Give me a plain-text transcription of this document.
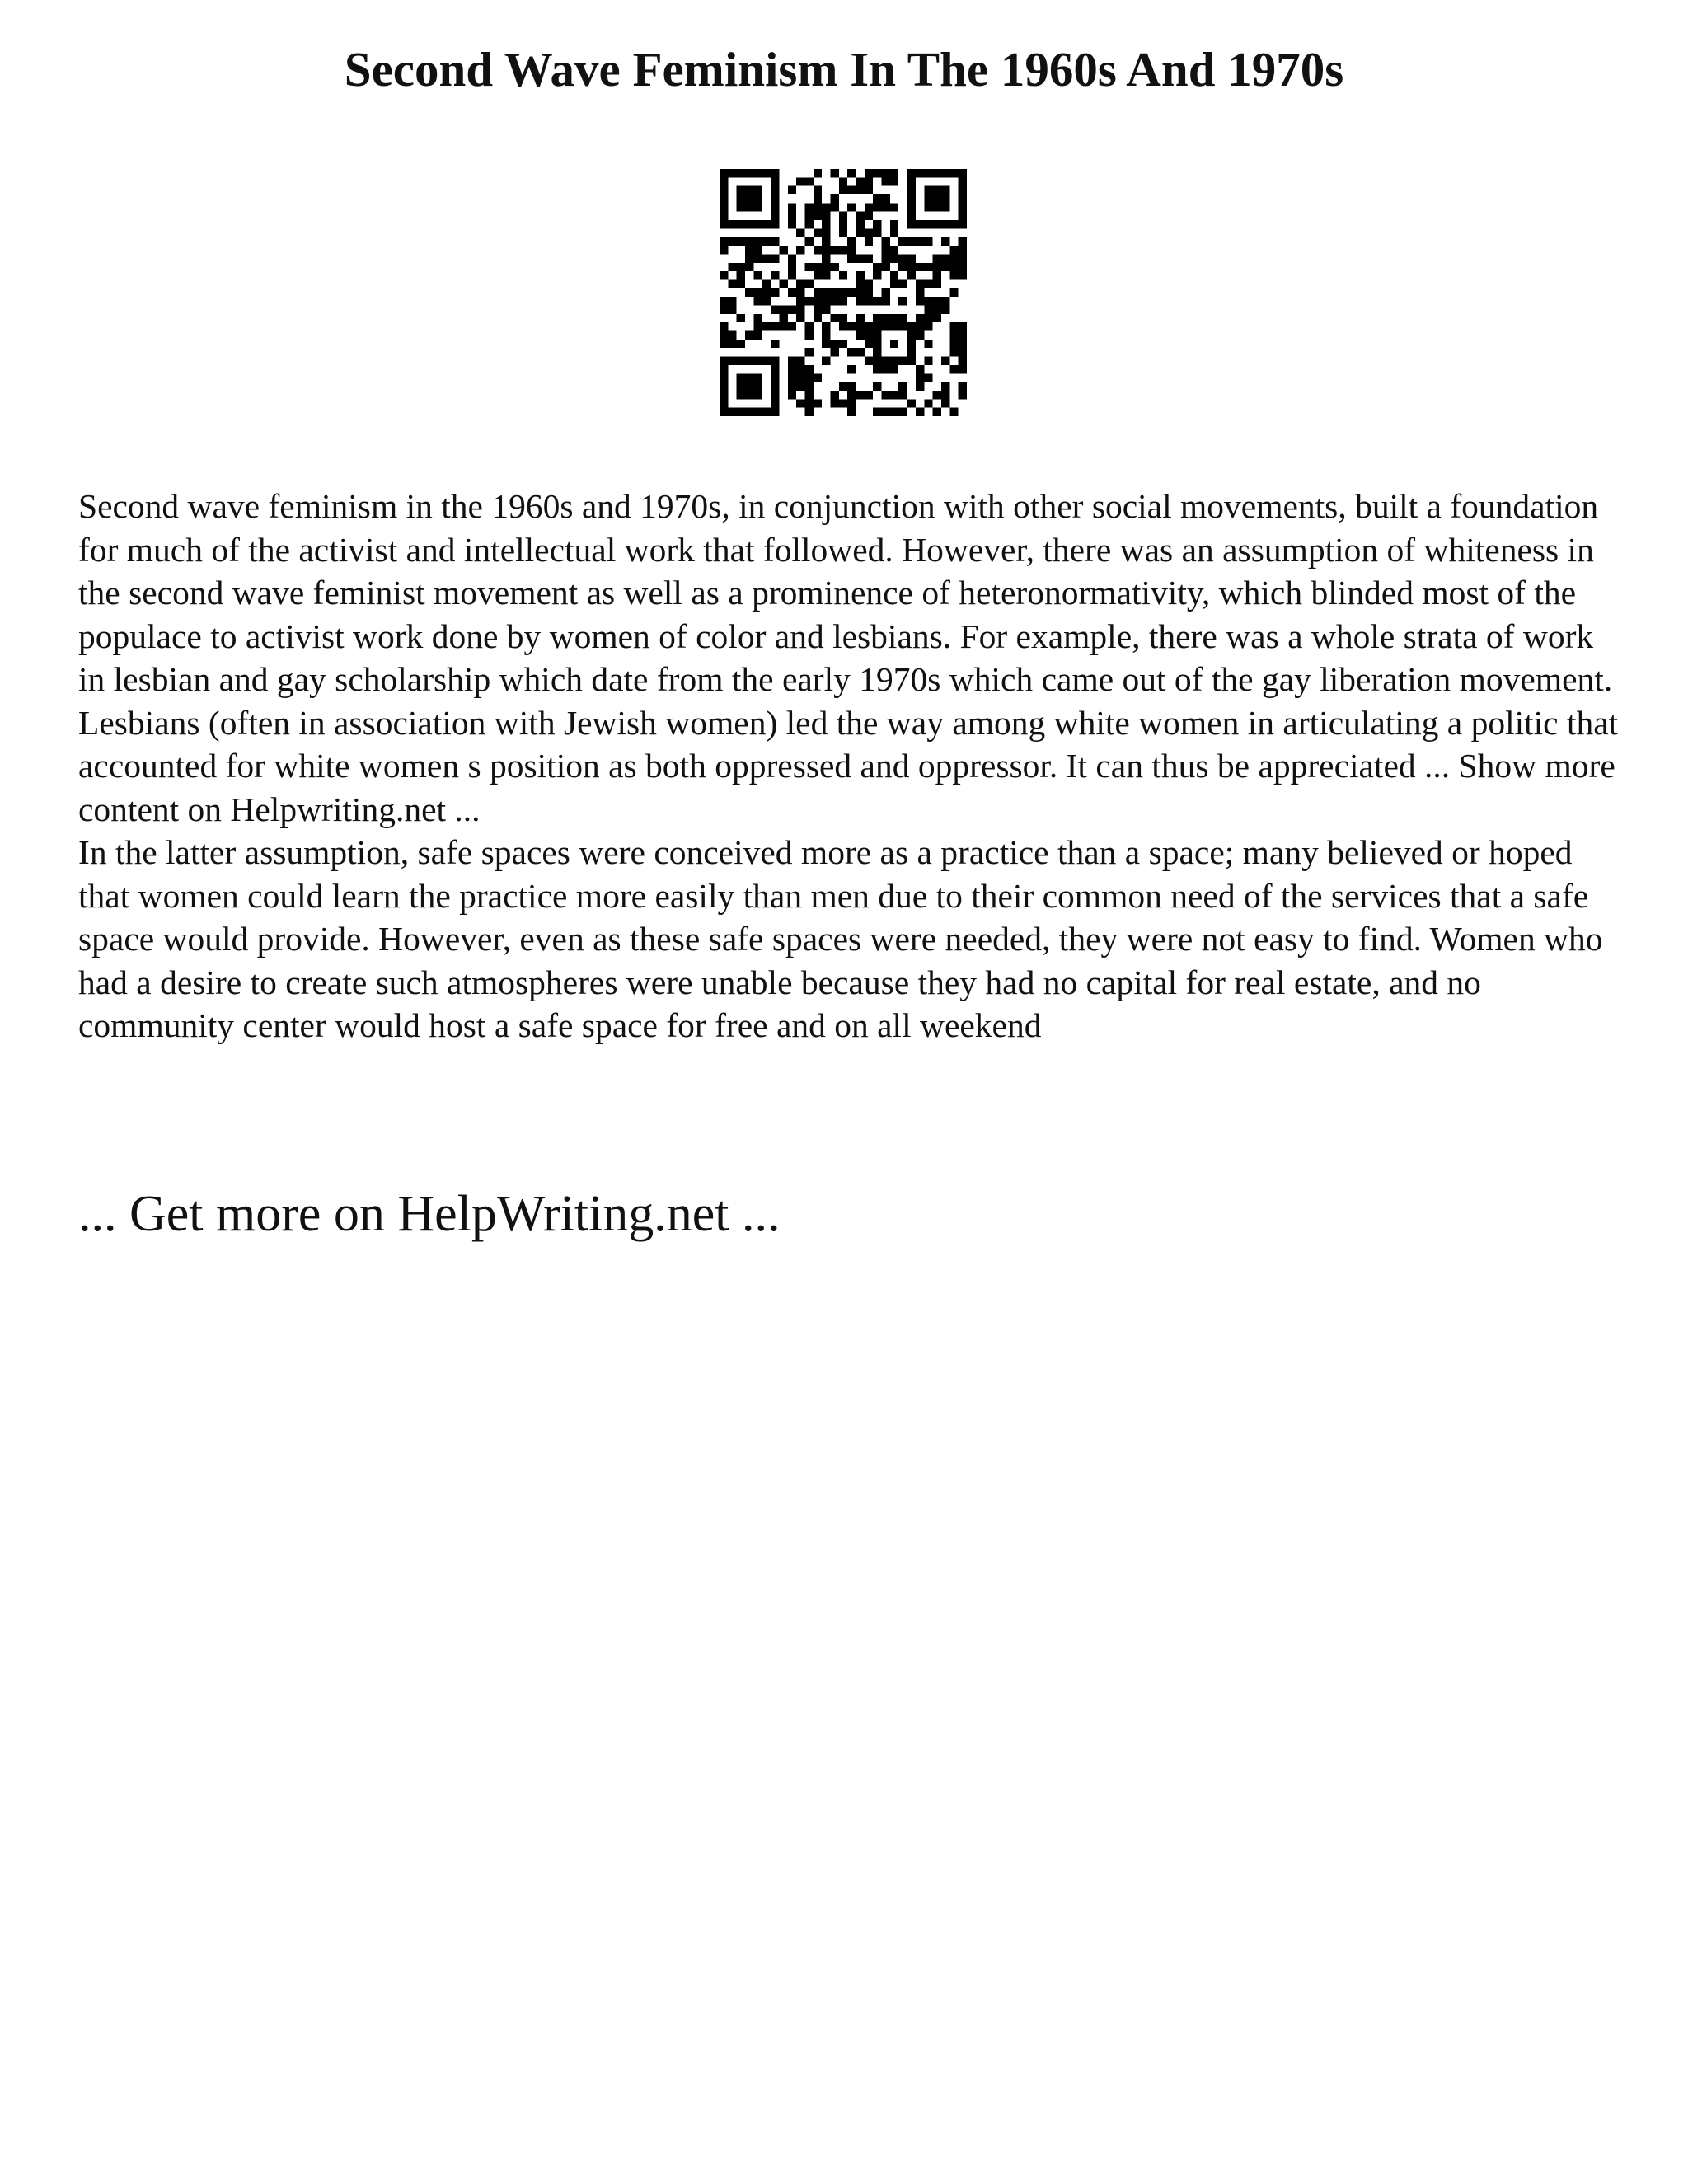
Second Wave Feminism In The 1960s And 1970s

Second wave feminism in the 1960s and 1970s, in conjunction with other social movements, built a foundation for much of the activist and intellectual work that followed. However, there was an assumption of whiteness in the second wave feminist movement as well as a prominence of heteronormativity, which blinded most of the populace to activist work done by women of color and lesbians. For example, there was a whole strata of work in lesbian and gay scholarship which date from the early 1970s which came out of the gay liberation movement. Lesbians (often in association with Jewish women) led the way among white women in articulating a politic that accounted for white women s position as both oppressed and oppressor. It can thus be appreciated ... Show more content on Helpwriting.net ...

In the latter assumption, safe spaces were conceived more as a practice than a space; many believed or hoped that women could learn the practice more easily than men due to their common need of the services that a safe space would provide. However, even as these safe spaces were needed, they were not easy to find. Women who had a desire to create such atmospheres were unable because they had no capital for real estate, and no community center would host a safe space for free and on all weekend

... Get more on HelpWriting.net ...
